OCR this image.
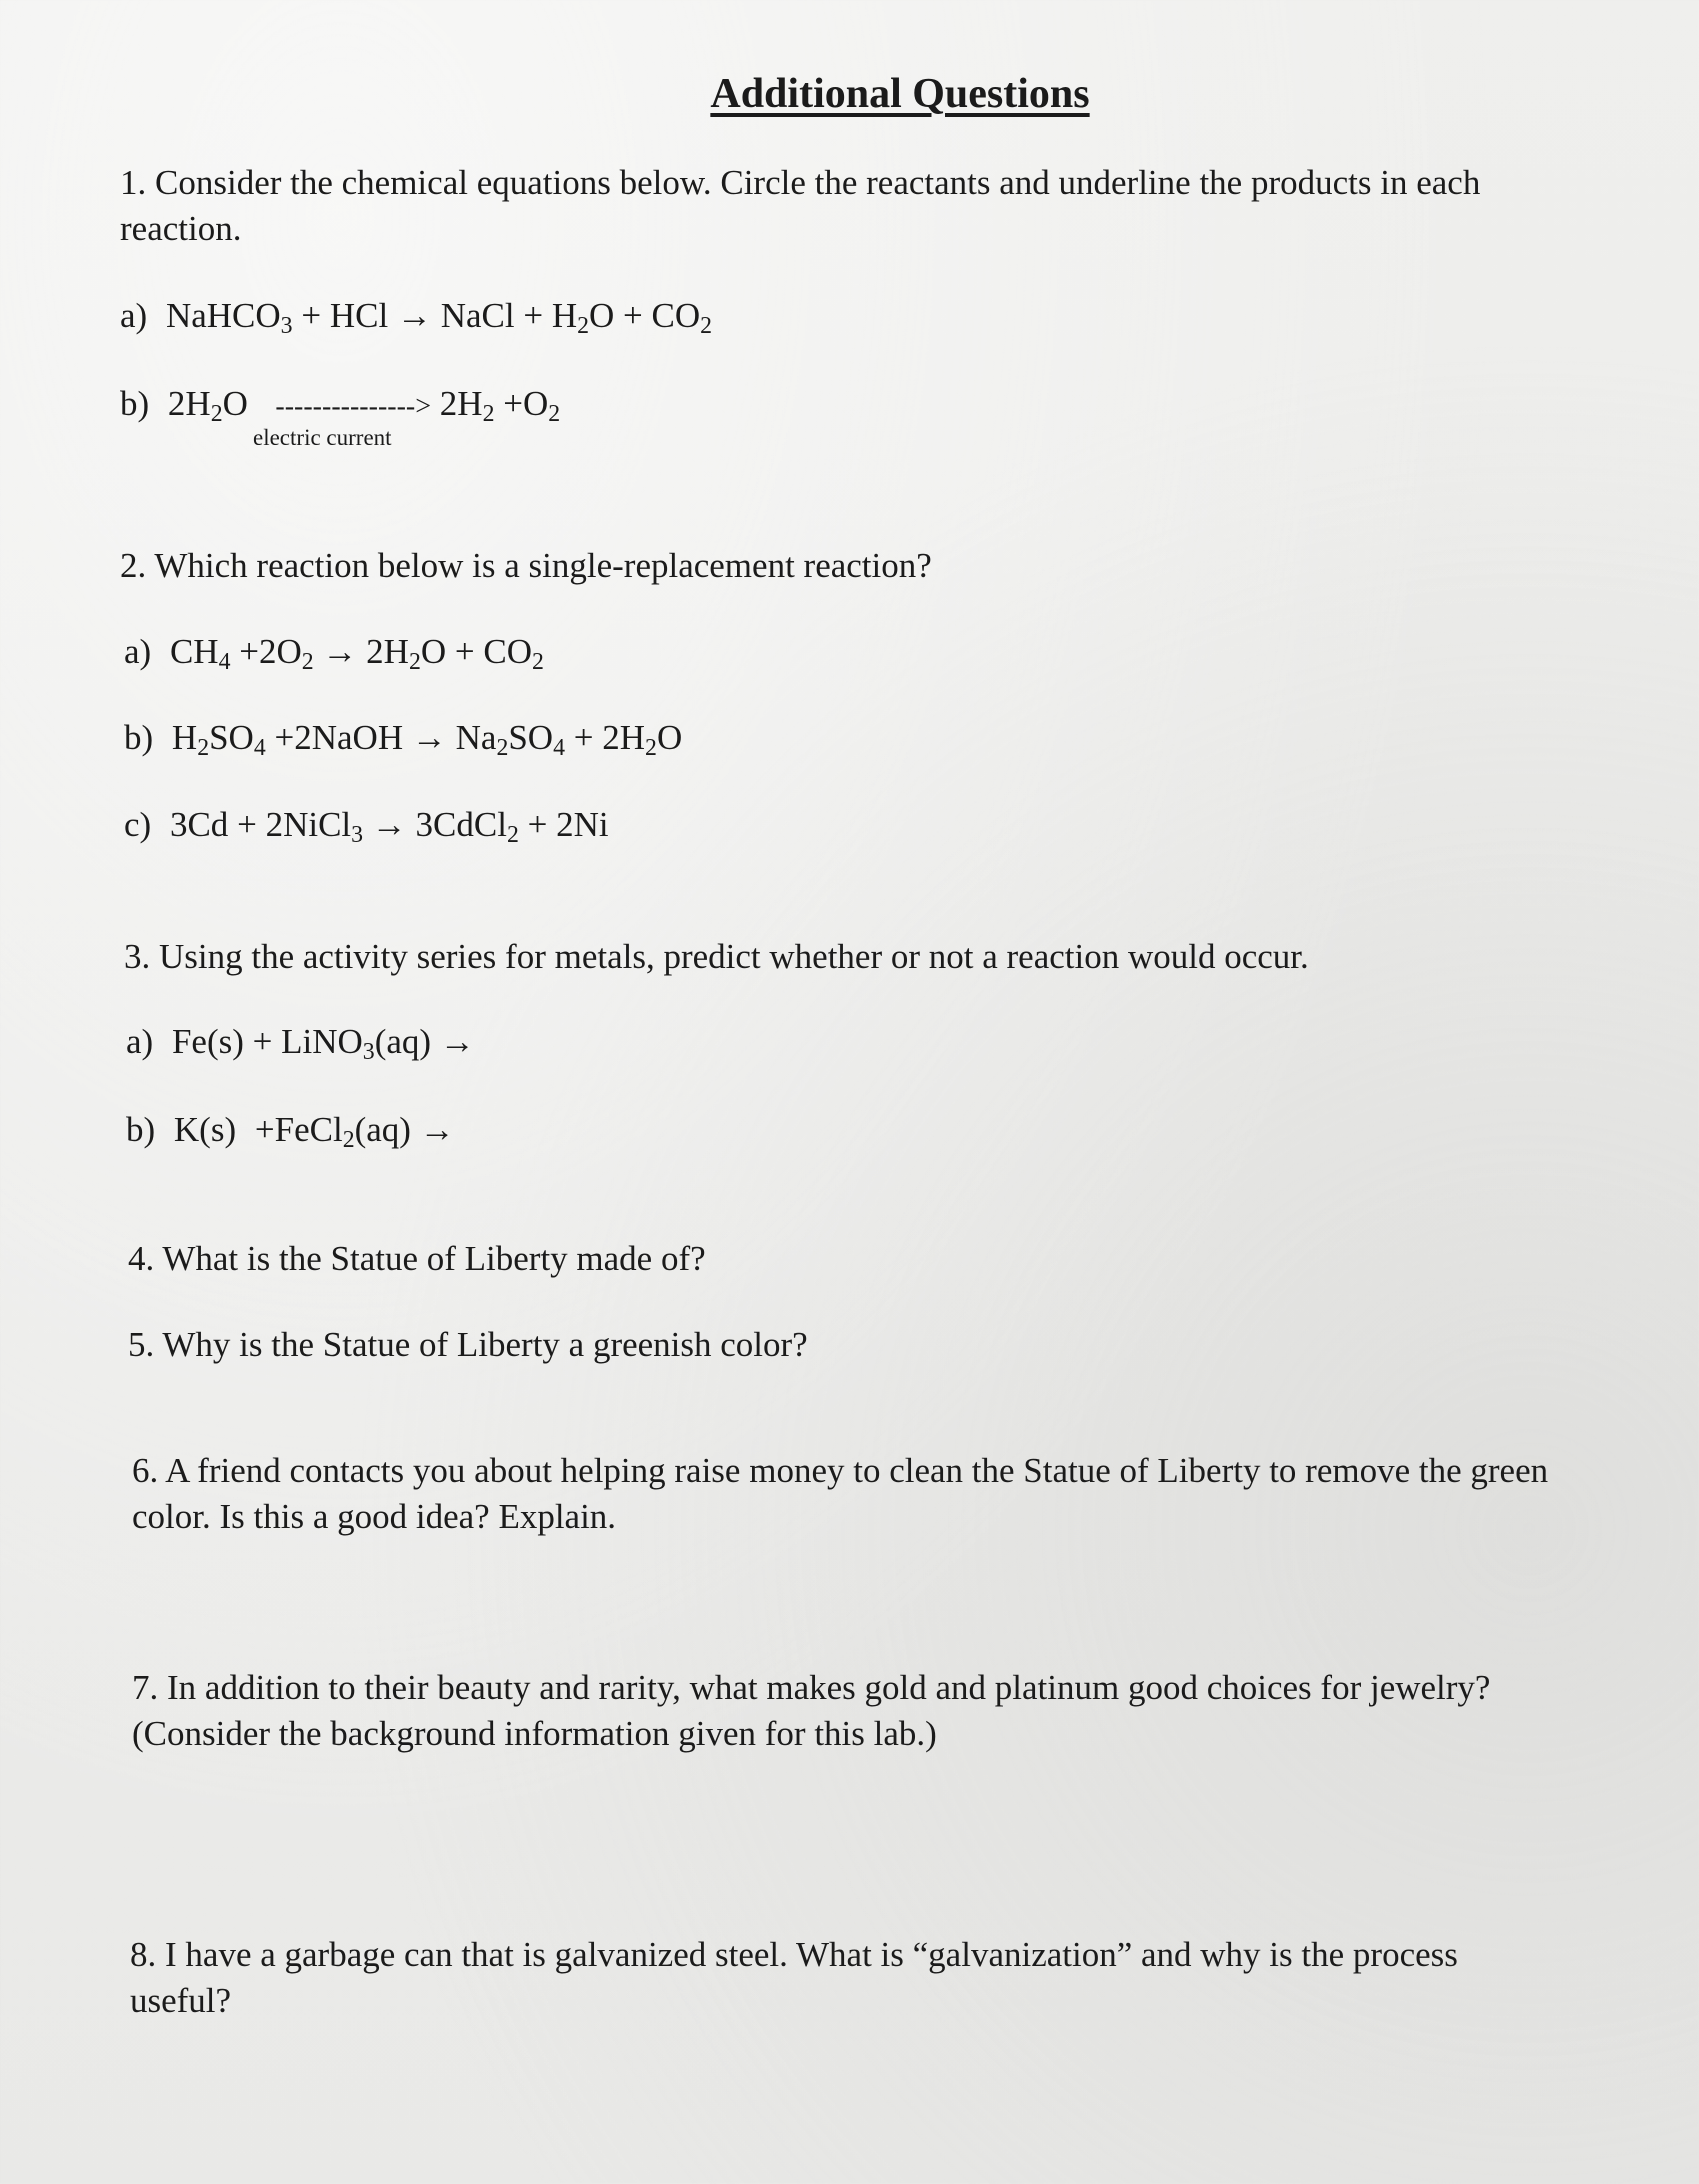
Additional Questions
1. Consider the chemical equations below. Circle the reactants and underline the products in each
reaction.
a) NaHCO$_3$ + HCl → NaCl + $H_2O + CO_2$
b) $2H_2O$ ---------------> $2H_2 +O_2$
electric current
2. Which reaction below is a single-replacement reaction?
a) $CH_4 +2O_2 \to 2H_2O + CO_2$
b) $H_2SO_4$ +2NaOH → $Na_2SO_4 + 2H_2O$
c) 3Cd + 2NiCl$_3$ → 3CdCl$_2$ + 2Ni
3. Using the activity series for metals, predict whether or not a reaction would occur.
a) Fe(s) + LiNO$_3$(aq) →
b) K(s) +FeCl$_2$(aq) →
4. What is the Statue of Liberty made of?
5. Why is the Statue of Liberty a greenish color?
6. A friend contacts you about helping raise money to clean the Statue of Liberty to remove the green
color. Is this a good idea? Explain.
7. In addition to their beauty and rarity, what makes gold and platinum good choices for jewelry?
(Consider the background information given for this lab.)
8. I have a garbage can that is galvanized steel. What is “galvanization” and why is the process
useful?
